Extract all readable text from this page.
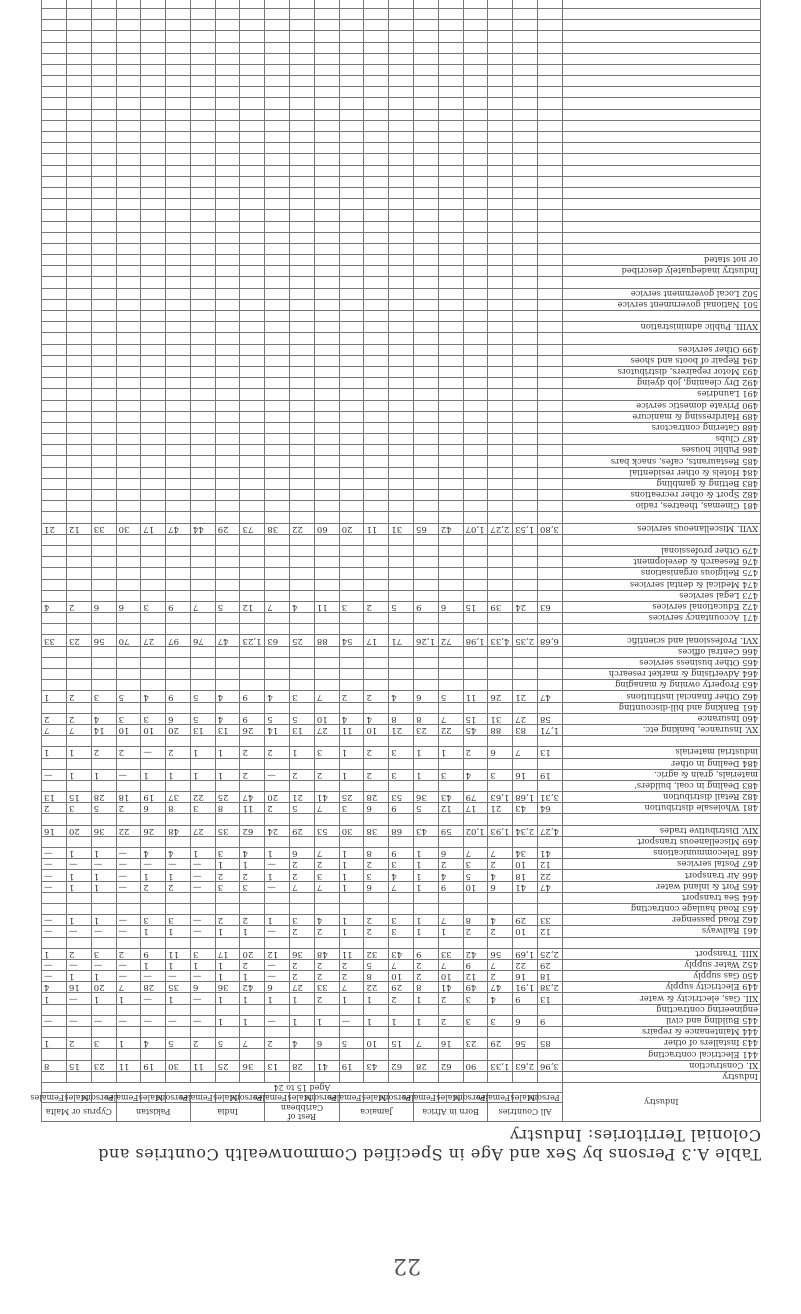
22
Table A.3 Persons by Sex and Age in Specified Commonwealth Countries and Colonial Territories: Industry
Industry	All Countries			Born in Africa			Jamaica			Rest of Caribbean			India			Pakistan			Cyprus or Malta		
	Persons	Males	Females	Persons	Males	Females	Persons	Males	Females	Persons	Males	Females	Persons	Males	Females	Persons	Males	Females	Persons	Males	Females
	Aged 15 to 24																				
Industry																					
XI. Construction	3,96	2,63	1,33	90	62	28	62	43	19	41	28	13	36	25	11	30	19	11	23	15	8
441 Electrical contracting																					
443 Installers of other	85	56	29	23	16	7	15	10	5	6	4	2	7	5	2	5	4	1	3	2	1
444 Maintenance & repairs																					
445 Building and civil	9	6	3	3	2	1	1	1	—	1	1	—	1	1	—	—	—	—	—	—	—
engineering contracting																					
XII. Gas, electricity & water	13	9	4	3	2	1	2	1	1	2	1	1	1	1	—	1	—	1	1	—	1
449 Electricity supply	2,38	1,91	47	49	41	8	29	22	7	33	27	6	42	36	6	35	28	7	20	16	4
450 Gas supply	18	16	2	12	10	2	10	8	2	2	2	—	1	1	—	—	—	—	1	1	—
452 Water supply	29	22	7	9	7	2	7	5	2	2	2	—	2	1	1	1	1	—	—	—	—
XIII. Transport	2,25	1,69	56	42	33	9	43	32	11	48	36	12	20	17	3	11	9	2	3	2	1

461 Railways	12	10	2	2	1	1	3	2	1	2	2	—	1	1	—	1	1	—	—	—	—
462 Road passenger	33	29	4	8	7	1	3	2	1	4	3	1	2	2	—	3	3	—	1	1	—
463 Road haulage contracting																					
464 Sea transport																					
465 Port & inland water	47	41	6	10	9	1	7	6	1	7	7	—	3	3	—	2	2	—	1	1	—
466 Air transport	22	18	4	5	4	1	4	3	1	3	2	1	2	2	—	1	1	—	1	1	—
467 Postal services	12	10	2	3	2	1	3	2	1	2	2	—	1	1	—	—	—	—	—	—	—
468 Telecommunications	41	34	7	7	6	1	9	8	1	7	6	1	4	3	1	4	4	—	1	1	—
469 Miscellaneous transport																					
XIV. Distributive trades	4,27	2,34	1,93	1,02	59	43	68	38	30	53	29	24	62	35	27	48	26	22	36	20	16

481 Wholesale distribution	64	43	21	17	12	5	9	6	3	7	5	2	11	8	3	8	6	2	5	3	2
482 Retail distribution	3,31	1,68	1,63	79	43	36	53	28	25	41	21	20	47	25	22	37	19	18	28	15	13
483 Dealing in coal, builders'																					
materials, grain & agric.	19	16	3	4	3	1	3	2	1	2	2	—	2	1	1	1	1	—	1	1	—
484 Dealing in other																					
industrial materials	13	7	6	2	1	1	3	2	1	3	1	2	2	1	1	2	—	2	2	1	1

XV. Insurance, banking etc.	1,71	83	88	45	22	23	21	10	11	27	13	14	26	13	13	20	10	10	14	7	7
460 Insurance	58	27	31	15	7	8	8	4	4	10	5	5	9	4	5	6	3	3	4	2	2
461 Banking and bill-discounting																					
462 Other financial institutions	47	21	26	11	5	6	4	2	2	7	3	4	9	4	5	9	4	5	3	2	1
463 Property owning & managing																					
464 Advertising & market research																					
465 Other business services																					
466 Central offices																					
XVI. Professional and scientific	6,68	2,35	4,33	1,98	72	1,26	71	17	54	88	25	63	1,23	47	76	97	27	70	56	23	33

471 Accountancy services																					
472 Educational services	63	24	39	15	6	9	5	2	3	11	4	7	12	5	7	9	3	6	6	2	4
473 Legal services																					
474 Medical & dental services																					
475 Religious organisations																					
476 Research & development																					
479 Other professional																					

XVII. Miscellaneous services	3,80	1,53	2,27	1,07	42	65	31	11	20	60	22	38	73	29	44	47	17	30	33	12	21

481 Cinemas, theatres, radio																					
482 Sport & other recreations																					
483 Betting & gambling																					
484 Hotels & other residential																					
485 Restaurants, cafes, snack bars																					
486 Public houses																					
487 Clubs																					
488 Catering contractors																					
489 Hairdressing & manicure																					
490 Private domestic service																					
491 Laundries																					
492 Dry cleaning, job dyeing																					
493 Motor repairers, distributors																					
494 Repair of boots and shoes																					
499 Other services																					

XVIII. Public administration																					

501 National government service																					
502 Local government service																					

Industry inadequately described																					
or not stated																					
